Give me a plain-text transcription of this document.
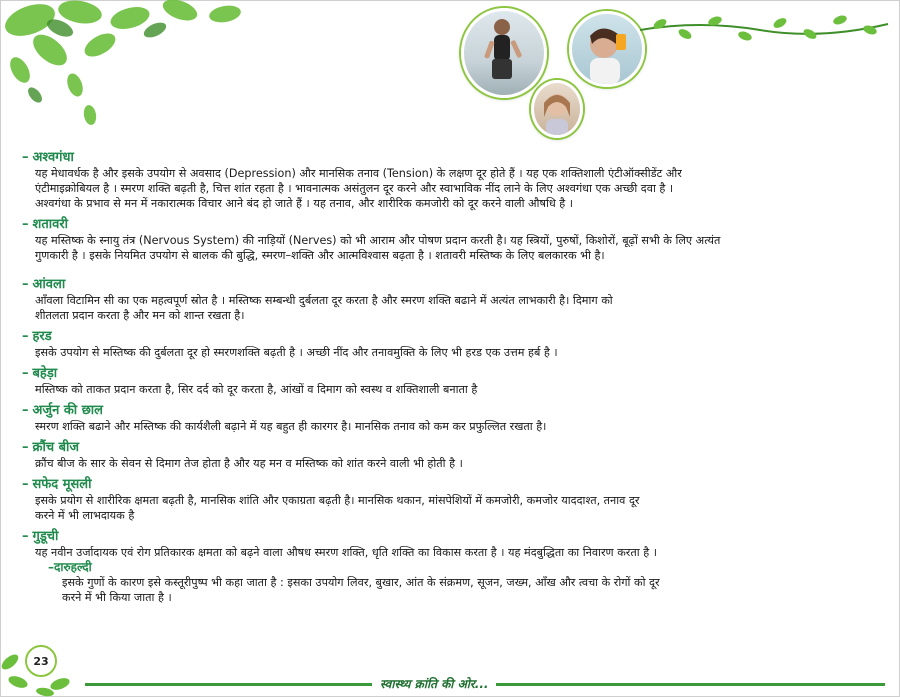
– अश्वगंधा

यह मेधावर्धक है और इसके उपयोग से अवसाद (Depression) और मानसिक तनाव (Tension) के लक्षण दूर होते हैं । यह एक शक्तिशाली एंटीऑक्सीडेंट और
एंटीमाइक्रोबियल है । स्मरण शक्ति बढ़ती है, चित्त शांत रहता है । भावनात्मक असंतुलन दूर करने और स्वाभाविक नींद लाने के लिए अश्वगंधा एक अच्छी दवा है ।
अश्वगंधा के प्रभाव से मन में नकारात्मक विचार आने बंद हो जाते हैं । यह तनाव, और शारीरिक कमजोरी को दूर करने वाली औषधि है ।

– शतावरी

यह मस्तिष्क के स्नायु तंत्र (Nervous System) की नाड़ियों (Nerves) को भी आराम और पोषण प्रदान करती है। यह स्त्रियों, पुरुषों, किशोरों, बूढ़ों सभी के लिए अत्यंत
गुणकारी है । इसके नियमित उपयोग से बालक की बुद्धि, स्मरण–शक्ति और आत्मविश्वास बढ़ता है । शतावरी मस्तिष्क के लिए बलकारक भी है।

– आंवला

आँवला विटामिन सी का एक महत्वपूर्ण स्रोत है । मस्तिष्क सम्बन्धी दुर्बलता दूर करता है और स्मरण शक्ति बढाने में अत्यंत लाभकारी है। दिमाग को
शीतलता प्रदान करता है और मन को शान्त रखता है।

– हरड

इसके उपयोग से मस्तिष्क की दुर्बलता दूर हो स्मरणशक्ति बढ़ती है । अच्छी नींद और तनावमुक्ति के लिए भी हरड एक उत्तम हर्ब है ।

– बहेड़ा

मस्तिष्क को ताकत प्रदान करता है, सिर दर्द को दूर करता है, आंखों व दिमाग को स्वस्थ व शक्तिशाली बनाता है

– अर्जुन की छाल

स्मरण शक्ति बढाने और मस्तिष्क की कार्यशैली बढ़ाने में यह बहुत ही कारगर है। मानसिक तनाव को कम कर प्रफुल्लित रखता है।

– क्रौंच बीज

क्रौंच बीज के सार के सेवन से दिमाग तेज होता है और यह मन व मस्तिष्क को शांत करने वाली भी होती है ।

– सफेद मूसली

इसके प्रयोग से शारीरिक क्षमता बढ़ती है, मानसिक शांति और एकाग्रता बढ़ती है। मानसिक थकान, मांसपेशियों में कमजोरी, कमजोर याददाश्त, तनाव दूर
करने में भी लाभदायक है

– गुडूची

यह नवीन उर्जादायक एवं रोग प्रतिकारक क्षमता को बढ़ने वाला औषध स्मरण शक्ति, धृति शक्ति का विकास करता है । यह मंदबुद्धिता का निवारण करता है ।

–दारुहल्दी

इसके गुणों के कारण इसे कस्तूरीपुष्प भी कहा जाता है : इसका उपयोग लिवर, बुखार, आंत के संक्रमण, सूजन, जख्म, आँख और त्वचा के रोगों को दूर
करने में भी किया जाता है ।

23
स्वास्थ्य क्रांति की ओर...
